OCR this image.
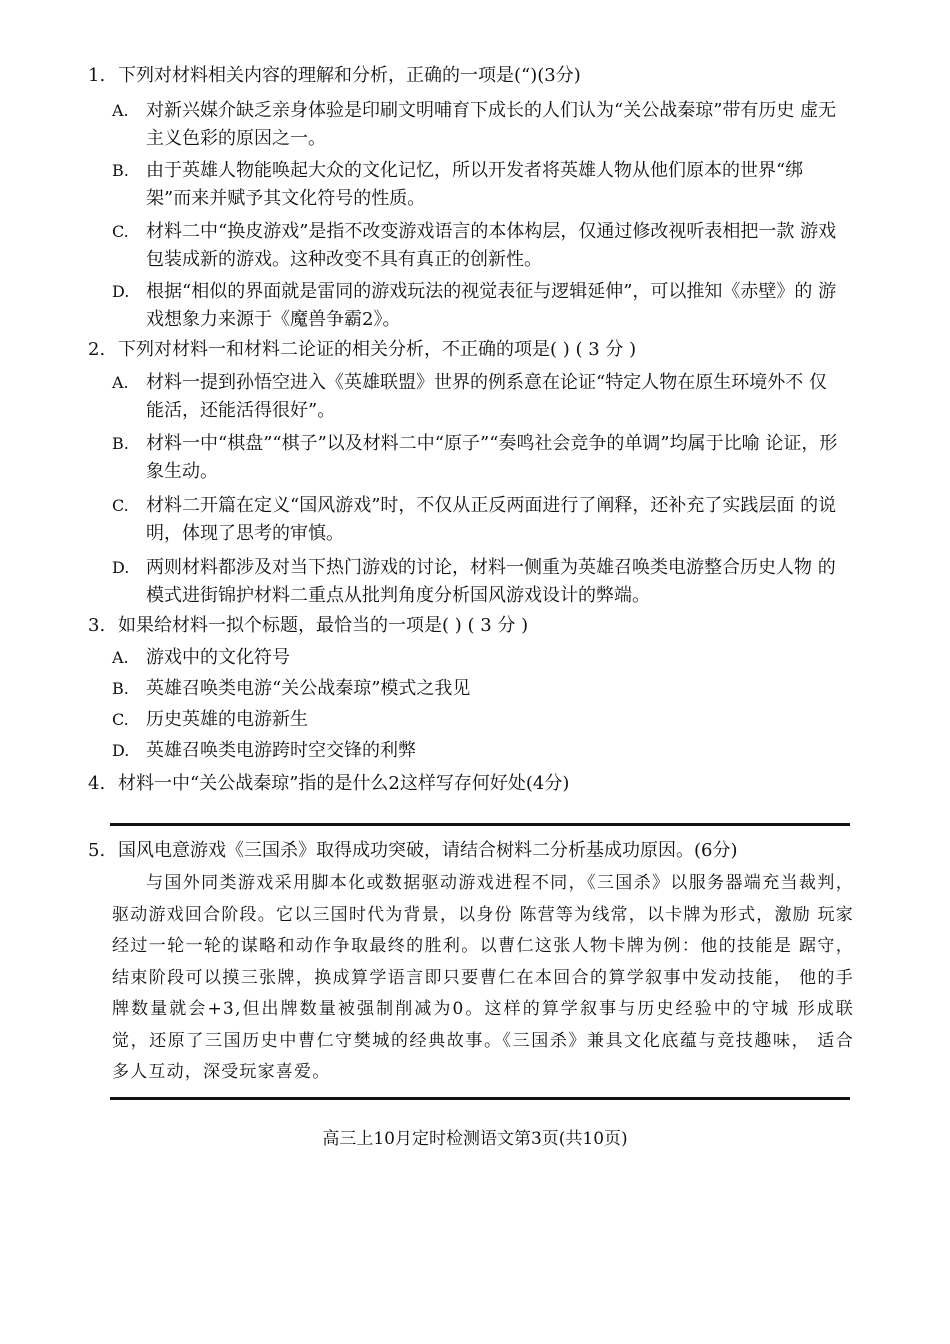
1. 下列对材料相关内容的理解和分析，正确的一项是(“)(3分)
A. 对新兴媒介缺乏亲身体验是印刷文明哺育下成长的人们认为“关公战秦琼”带有历史 虚无主义色彩的原因之一。
B. 由于英雄人物能唤起大众的文化记忆，所以开发者将英雄人物从他们原本的世界“绑架”而来并赋予其文化符号的性质。
C. 材料二中“换皮游戏”是指不改变游戏语言的本体构层，仅通过修改视听表相把一款 游戏包装成新的游戏。这种改变不具有真正的创新性。
D. 根据“相似的界面就是雷同的游戏玩法的视觉表征与逻辑延伸”，可以推知《赤壁》的 游戏想象力来源于《魔兽争霸2》。
2. 下列对材料一和材料二论证的相关分析，不正确的项是( ) ( 3 分 )
A. 材料一提到孙悟空进入《英雄联盟》世界的例系意在论证“特定人物在原生环境外不 仅能活，还能活得很好”。
B. 材料一中“棋盘”“棋子”以及材料二中“原子”“奏鸣社会竞争的单调”均属于比喻 论证，形象生动。
C. 材料二开篇在定义“国风游戏”时，不仅从正反两面进行了阐释，还补充了实践层面 的说明，体现了思考的审慎。
D. 两则材料都涉及对当下热门游戏的讨论，材料一侧重为英雄召唤类电游整合历史人物 的模式进街锦护材料二重点从批判角度分析国风游戏设计的弊端。
3. 如果给材料一拟个标题，最恰当的一项是( ) ( 3 分 )
A. 游戏中的文化符号
B. 英雄召唤类电游“关公战秦琼”模式之我见
C. 历史英雄的电游新生
D. 英雄召唤类电游跨时空交锋的利弊
4. 材料一中“关公战秦琼”指的是什么2这样写存何好处(4分)
5. 国风电意游戏《三国杀》取得成功突破，请结合树料二分析基成功原因。(6分)
与国外同类游戏采用脚本化或数据驱动游戏进程不同，《三国杀》以服务器端充当裁判， 驱动游戏回合阶段。它以三国时代为背景，以身份 陈营等为线常，以卡牌为形式，激励 玩家经过一轮一轮的谋略和动作争取最终的胜利。以曹仁这张人物卡牌为例：他的技能是 踞守，结束阶段可以摸三张牌，换成算学语言即只要曹仁在本回合的算学叙事中发动技能， 他的手牌数量就会+3,但出牌数量被强制削减为0。这样的算学叙事与历史经验中的守城 形成联觉，还原了三国历史中曹仁守樊城的经典故事。《三国杀》兼具文化底蕴与竞技趣味， 适合多人互动，深受玩家喜爱。
高三上10月定时检测语文第3页(共10页)
